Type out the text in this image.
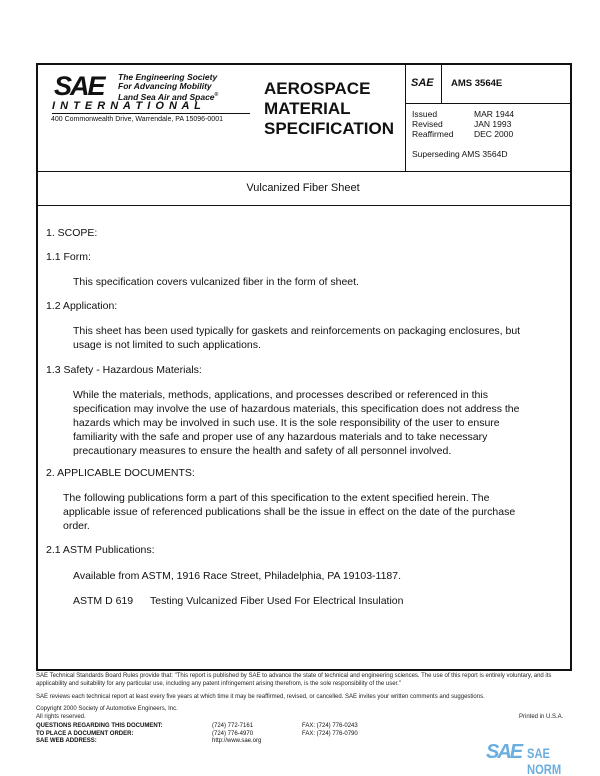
SAE The Engineering Society
For Advancing Mobility
Land Sea Air and Space®
I N T E R N A T I O N A L
400 Commonwealth Drive, Warrendale, PA 15096-0001
AEROSPACE
MATERIAL
SPECIFICATION
SAE AMS 3564E
Issued	MAR 1944
Revised	JAN 1993
Reaffirmed DEC 2000
Superseding AMS 3564D
Vulcanized Fiber Sheet
1. SCOPE:
1.1 Form:
This specification covers vulcanized fiber in the form of sheet.
1.2 Application:
This sheet has been used typically for gaskets and reinforcements on packaging enclosures, but usage is not limited to such applications.
1.3 Safety - Hazardous Materials:
While the materials, methods, applications, and processes described or referenced in this specification may involve the use of hazardous materials, this specification does not address the hazards which may be involved in such use. It is the sole responsibility of the user to ensure familiarity with the safe and proper use of any hazardous materials and to take necessary precautionary measures to ensure the health and safety of all personnel involved.
2. APPLICABLE DOCUMENTS:
The following publications form a part of this specification to the extent specified herein. The applicable issue of referenced publications shall be the issue in effect on the date of the purchase order.
2.1 ASTM Publications:
Available from ASTM, 1916 Race Street, Philadelphia, PA 19103-1187.
ASTM D 619 Testing Vulcanized Fiber Used For Electrical Insulation
SAE Technical Standards Board Rules provide that: "This report is published by SAE to advance the state of technical and engineering sciences. The use of this report is entirely voluntary, and its applicability and suitability for any particular use, including any patent infringement arising therefrom, is the sole responsibility of the user."
SAE reviews each technical report at least every five years at which time it may be reaffirmed, revised, or cancelled. SAE invites your written comments and suggestions.
Copyright 2000 Society of Automotive Engineers, Inc.
All rights reserved.	Printed in U.S.A.
QUESTIONS REGARDING THIS DOCUMENT:	(724) 772-7161	FAX: (724) 776-0243
TO PLACE A DOCUMENT ORDER:	(724) 776-4970	FAX: (724) 776-0790
SAE WEB ADDRESS:	http://www.sae.org	SAE SAE NORM
